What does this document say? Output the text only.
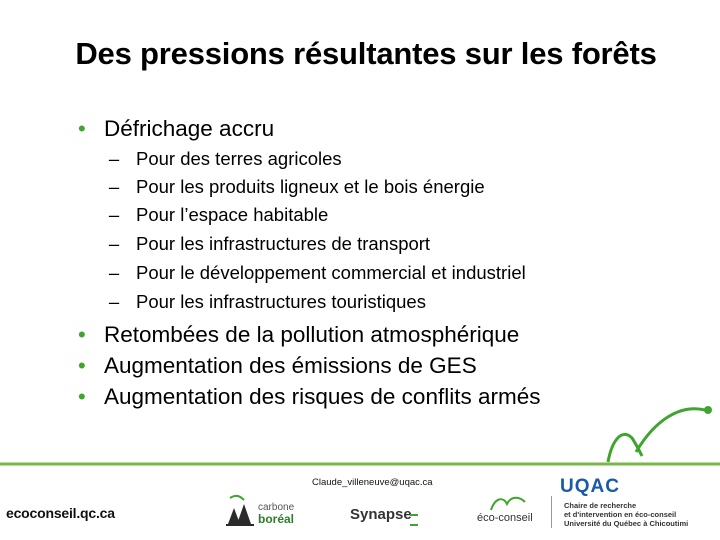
Des pressions résultantes sur les forêts
• Défrichage accru
– Pour des terres agricoles
– Pour les produits ligneux et le bois énergie
– Pour l’espace habitable
– Pour les infrastructures de transport
– Pour le développement commercial et industriel
– Pour les infrastructures touristiques
• Retombées de la pollution atmosphérique
• Augmentation des émissions de GES
• Augmentation des risques de conflits armés
Claude_villeneuve@uqac.ca
ecoconseil.qc.ca	carbone
boréal	Synapse	éco-conseil
UQAC
Chaire de recherche
et d'intervention en éco-conseil
Université du Québec à Chicoutimi
